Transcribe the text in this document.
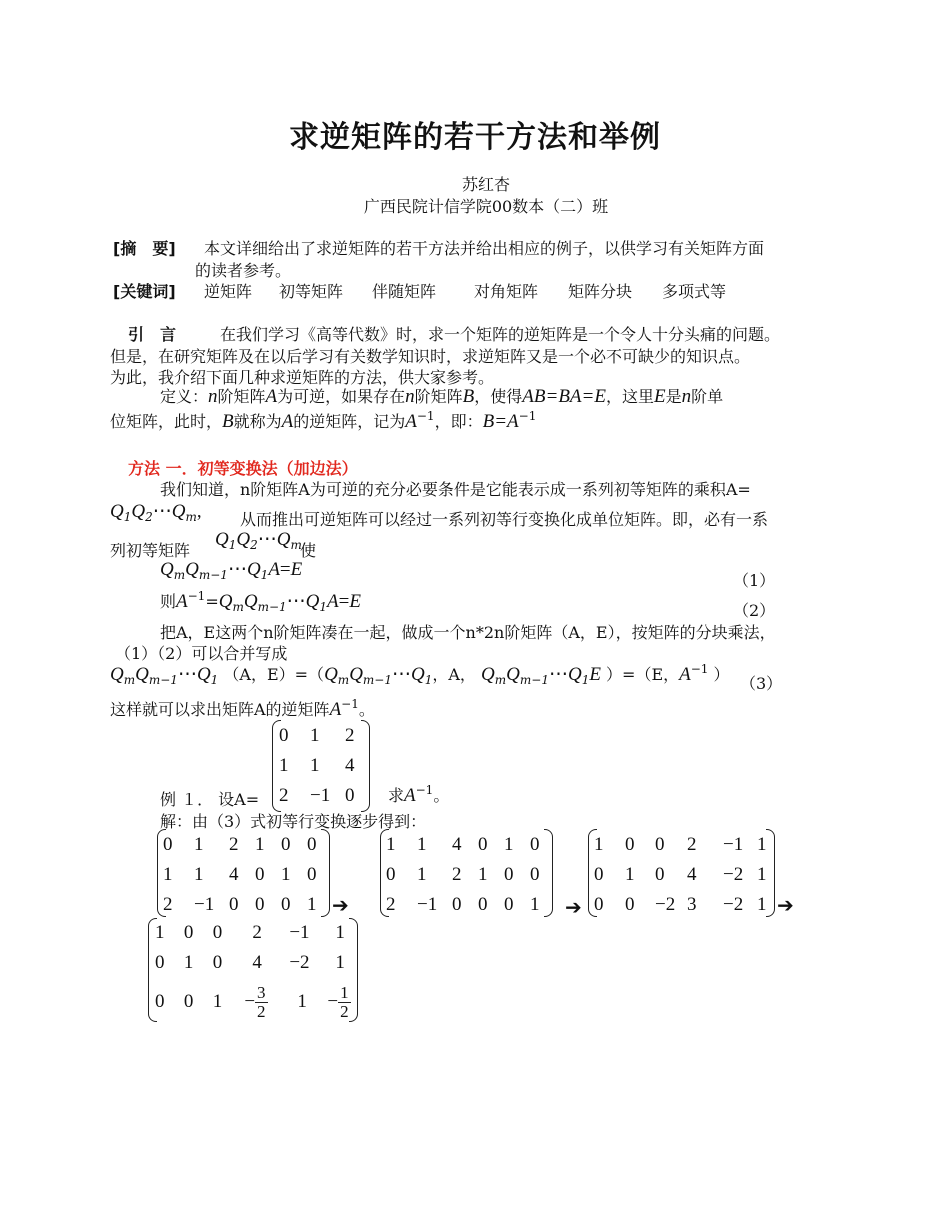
求逆矩阵的若干方法和举例
苏红杏
广西民院计信学院00数本（二）班
[摘　要] 本文详细给出了求逆矩阵的若干方法并给出相应的例子，以供学习有关矩阵方面
的读者参考。
[关键词] 逆矩阵 初等矩阵 伴随矩阵 对角矩阵 矩阵分块 多项式等
引　言	在我们学习《高等代数》时，求一个矩阵的逆矩阵是一个令人十分头痛的问题。
但是，在研究矩阵及在以后学习有关数学知识时，求逆矩阵又是一个必不可缺少的知识点。
为此，我介绍下面几种求逆矩阵的方法，供大家参考。
定义：n阶矩阵A为可逆，如果存在n阶矩阵B，使得AB=BA=E，这里E是n阶单
位矩阵，此时，B就称为A的逆矩阵，记为$A^{-1}$，即：$B=A^{-1}$
方法 一．初等变换法（加边法）
我们知道，n阶矩阵A为可逆的充分必要条件是它能表示成一系列初等矩阵的乘积A=
$Q_1Q_2\cdots Q_m$, 从而推出可逆矩阵可以经过一系列初等行变换化成单位矩阵。即，必有一系
列初等矩阵
$Q_1Q_2\cdots Q_m$
使
$Q_mQ_{m-1}\cdots Q_1A=E$
（1）
则$A^{-1}=Q_mQ_{m-1}\cdots Q_1A=E$	（2）
把A，E这两个n阶矩阵凑在一起，做成一个n*2n阶矩阵（A，E），按矩阵的分块乘法，
（1）（2）可以合并写成
$Q_mQ_{m-1}\cdots Q_1$ （A，$E)=(Q_mQ_{m-1}\cdots Q_1$，A， $Q_mQ_{m-1}\cdots Q_1E$ ）=（E，$A^{-1}$ ） （3）
这样就可以求出矩阵A的逆矩阵$A^{-1}$。
例 １． 设A=
0	1	2
1	1	4
2	−1	0 求$A^{-1}$。
解：由（3）式初等行变换逐步得到：
0	1	2	1	0	0
1	1	4	0	1	0
2	−1	0	0	0	1 ➔
1	1	4	0	1	0
0	1	2	1	0	0
2	−1	0	0	0	1 ➔
1	0	0	2	−1	1
0	1	0	4	−2	1
0	0	−2	3	−2	1 ➔
1	0	0	2	−1	1
0	1	0	4	−2	1
0	0	1	− $\frac{3}{2}$	1	− $\frac{1}{2}$
